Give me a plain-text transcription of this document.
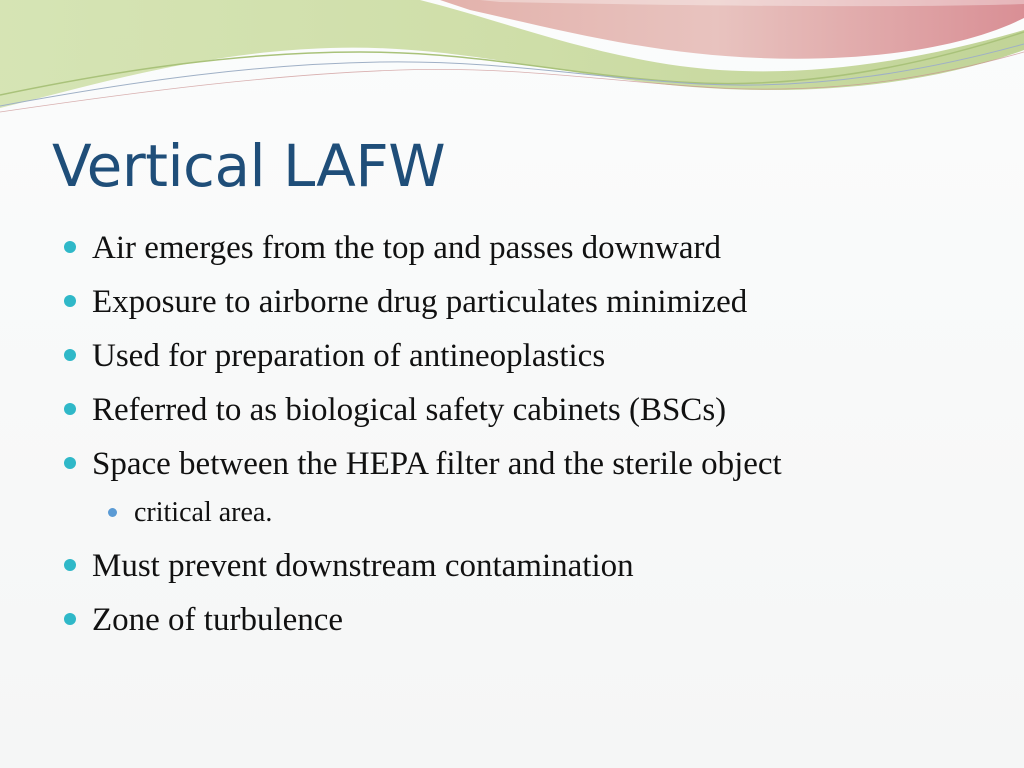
Vertical LAFW
Air emerges from the top and passes downward
Exposure to airborne drug particulates minimized
Used for preparation of antineoplastics
Referred to as biological safety cabinets (BSCs)
Space between the HEPA filter and the sterile object
critical area.
Must prevent downstream contamination
Zone of turbulence
